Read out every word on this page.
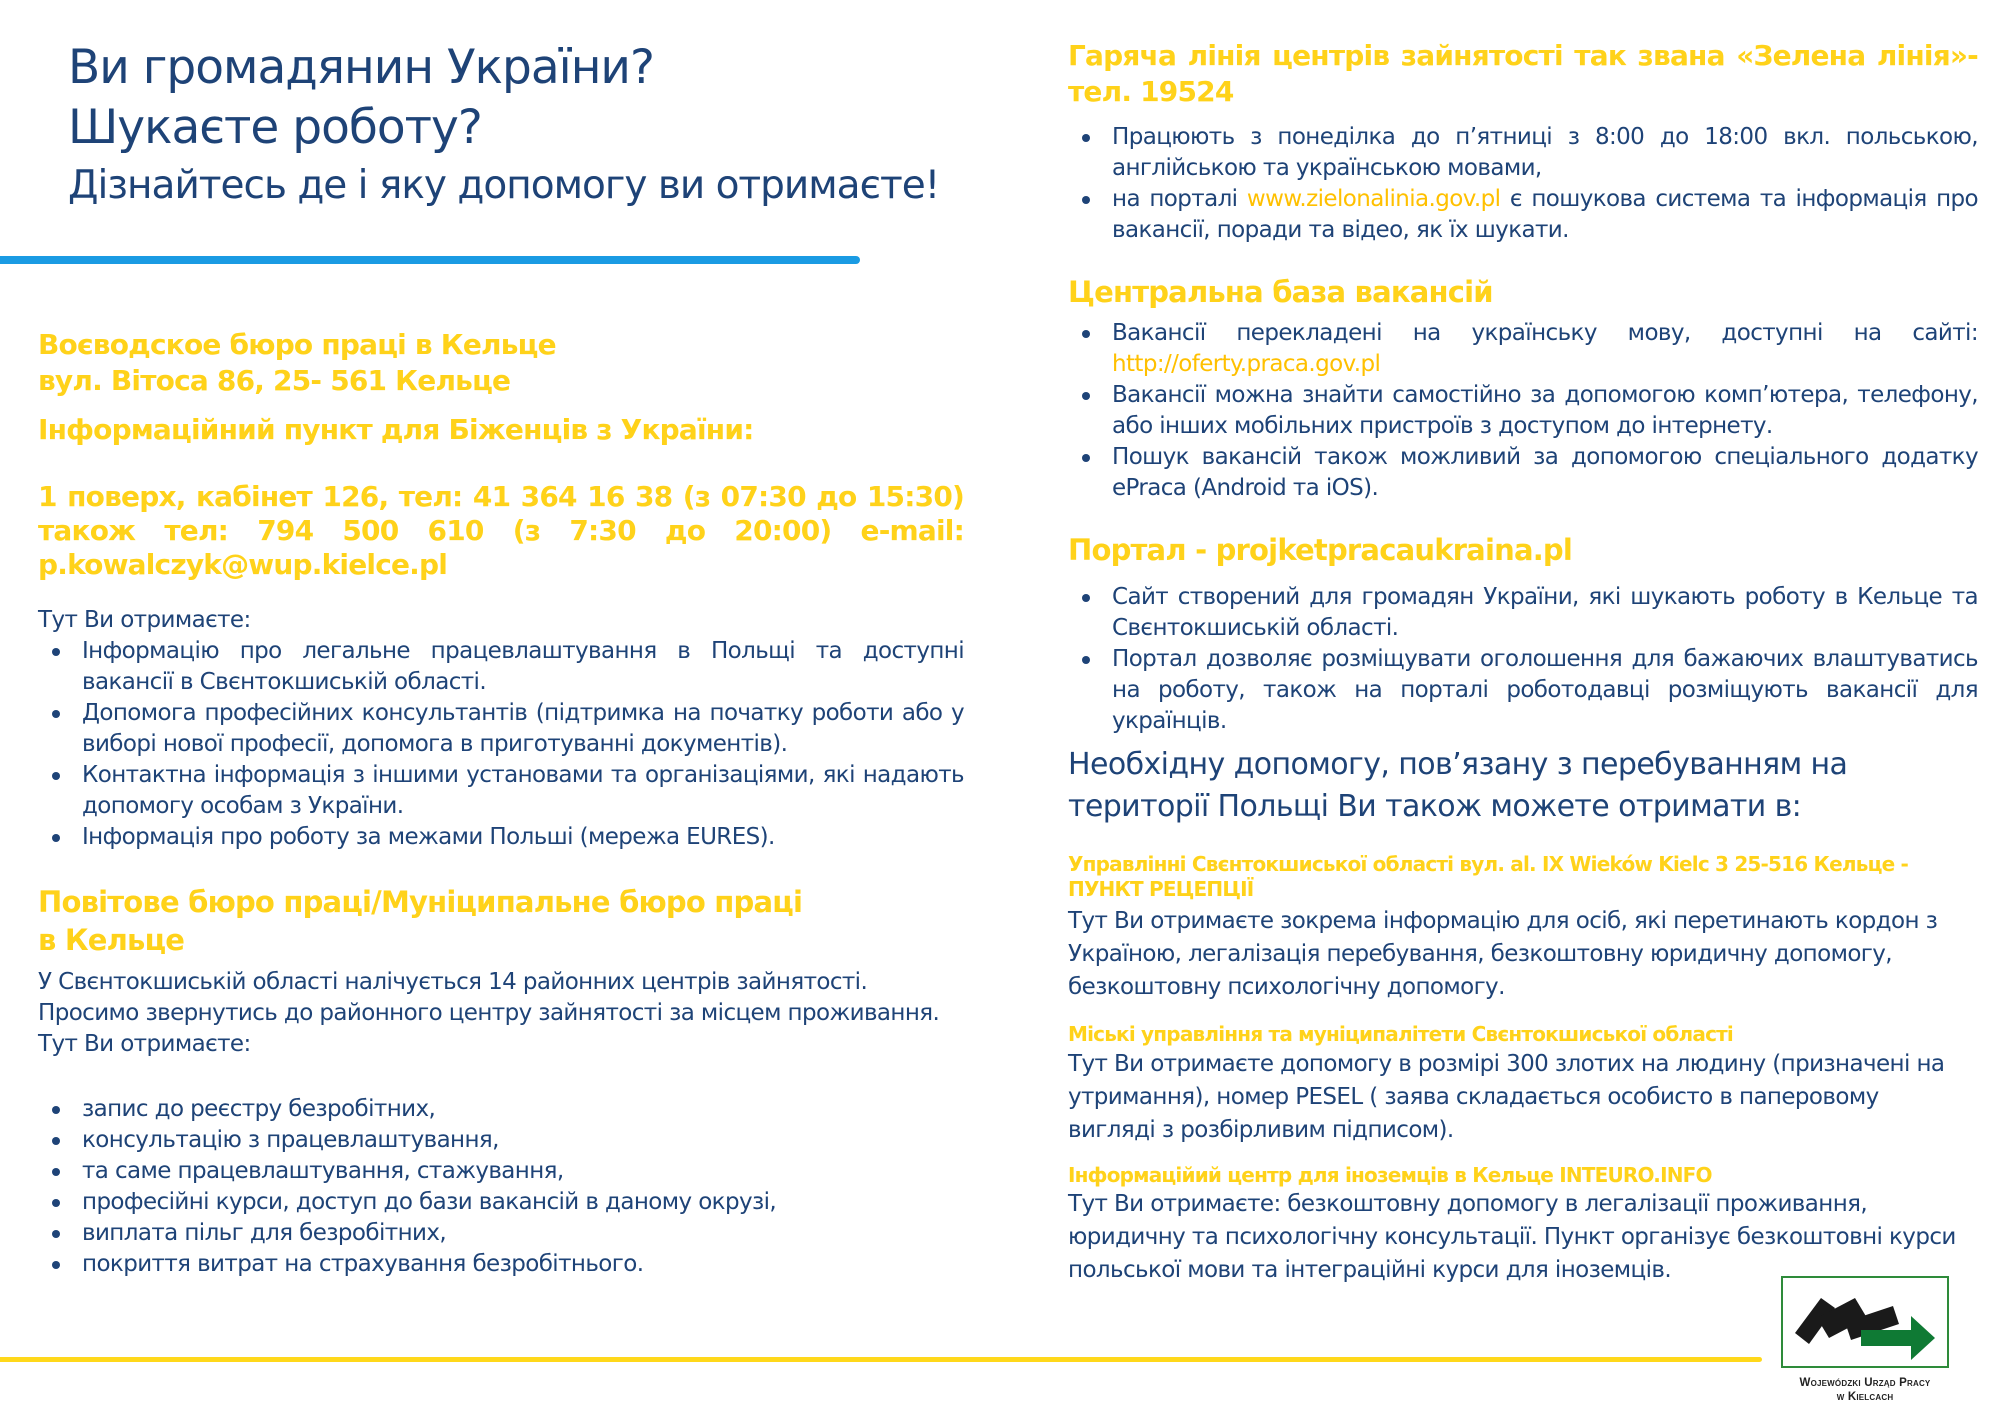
Ви громадянин України?
Шукаєте роботу?
Дізнайтесь де і яку допомогу ви отримаєте!
Воєводское бюро праці в Кельце
вул. Вітоса 86, 25- 561 Кельце
Інформаційний пункт для Біженців з України:
1 поверх, кабінет 126, тел: 41 364 16 38 (з 07:30 до 15:30) також тел: 794 500 610 (з 7:30 до 20:00) e-mail: p.kowalczyk@wup.kielce.pl
Тут Ви отримаєте:
Інформацію про легальне працевлаштування в Польщі та доступні вакансії в Свєнтокшиській області.
Допомога професійних консультантів (підтримка на початку роботи або у виборі нової професії, допомога в приготуванні документів).
Контактна інформація з іншими установами та організаціями, які надають допомогу особам з України.
Інформація про роботу за межами Польші (мережа EURES).
Повітове бюро праці/Муніципальне бюро праці
в Кельце
У Свєнтокшиській області налічується 14 районних центрів зайнятості.
Просимо звернутись до районного центру зайнятості за місцем проживання.
Тут Ви отримаєте:
запис до реєстру безробітних,
консультацію з працевлаштування,
та саме працевлаштування, стажування,
професійні курси, доступ до бази вакансій в даному окрузі,
виплата пільг для безробітних,
покриття витрат на страхування безробітнього.
Гаряча лінія центрів зайнятості так звана «Зелена лінія»- тел. 19524
Працюють з понеділка до п’ятниці з 8:00 до 18:00 вкл. польською, англійською та українською мовами,
на порталі www.zielonalinia.gov.pl є пошукова система та інформація про вакансії, поради та відео, як їх шукати.
Центральна база вакансій
Вакансії перекладені на українську мову, доступні на сайті: http://oferty.praca.gov.pl
Вакансії можна знайти самостійно за допомогою комп’ютера, телефону, або інших мобільних пристроїв з доступом до інтернету.
Пошук вакансій також можливий за допомогою спеціального додатку ePraca (Android та iOS).
Портал - projketpracaukraina.pl
Сайт створений для громадян України, які шукають роботу в Кельце та Свєнтокшиській області.
Портал дозволяє розміщувати оголошення для бажаючих влаштуватись на роботу, також на порталі роботодавці розміщують вакансії для українців.
Необхідну допомогу, пов’язану з перебуванням на території Польщі Ви також можете отримати в:
Управлінні Свєнтокшиської області вул. al. IX Wieków Kielc 3 25-516 Кельце - ПУНКТ РЕЦЕПЦІЇ
Тут Ви отримаєте зокрема інформацію для осіб, які перетинають кордон з Україною, легалізація перебування, безкоштовну юридичну допомогу, безкоштовну психологічну допомогу.
Міські управління та муніципалітети Свєнтокшиської області
Тут Ви отримаєте допомогу в розмірі 300 злотих на людину (призначені на утримання), номер PESEL ( заява складається особисто в паперовому вигляді з розбірливим підписом).
Інформаційий центр для іноземців в Кельце INTEURO.INFO
Тут Ви отримаєте: безкоштовну допомогу в легалізації проживання, юридичну та психологічну консультації. Пункт організує безкоштовні курси польської мови та інтеграційні курси для іноземців.
Wojewódzki Urząd Pracy
w Kielcach
